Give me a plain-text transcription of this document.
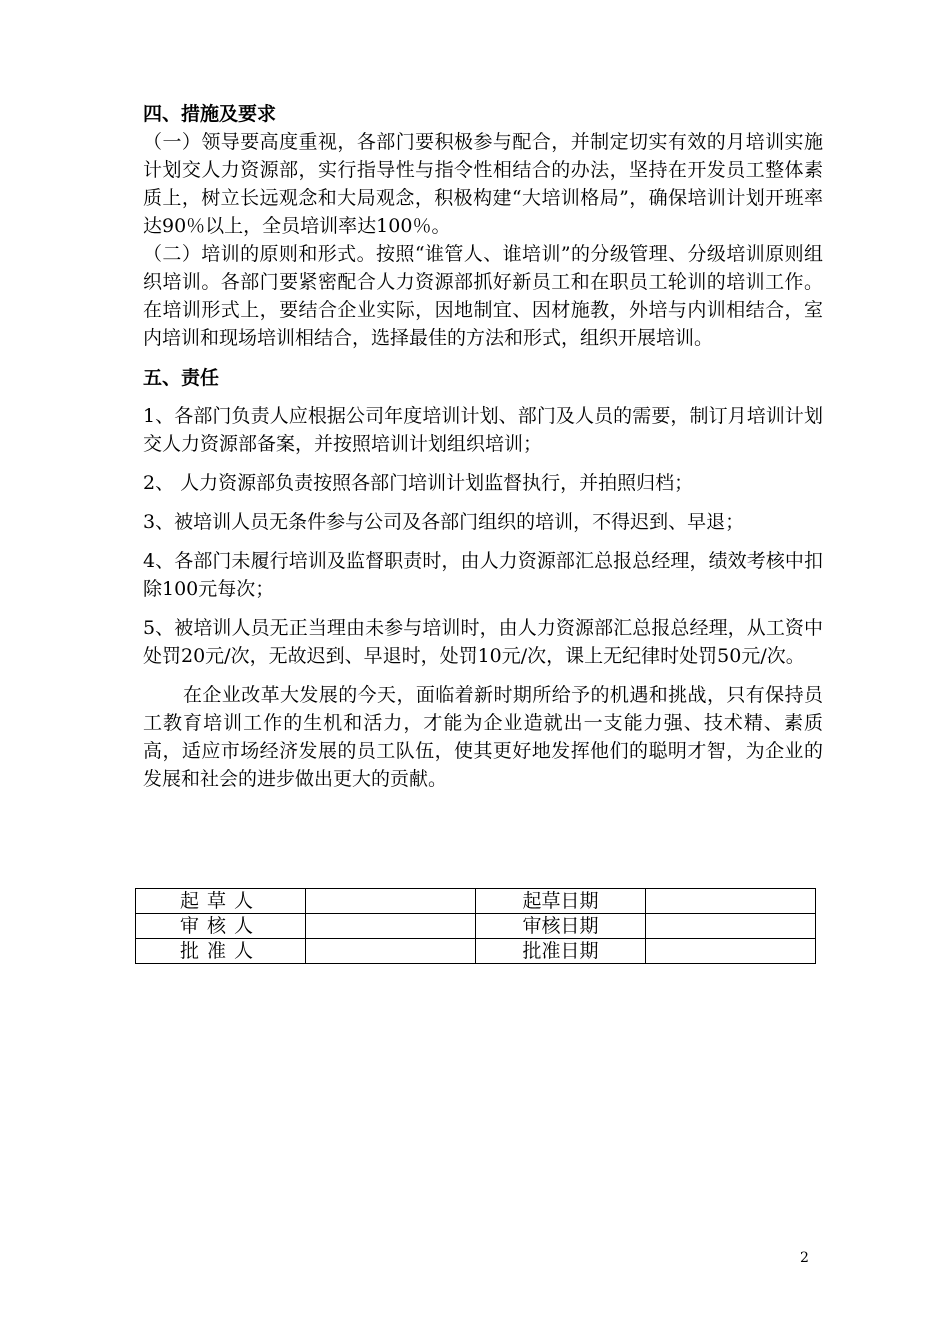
四、措施及要求

（一）领导要高度重视，各部门要积极参与配合，并制定切实有效的月培训实施计划交人力资源部，实行指导性与指令性相结合的办法，坚持在开发员工整体素质上，树立长远观念和大局观念，积极构建“大培训格局”，确保培训计划开班率达90％以上，全员培训率达100％。

（二）培训的原则和形式。按照“谁管人、谁培训”的分级管理、分级培训原则组织培训。各部门要紧密配合人力资源部抓好新员工和在职员工轮训的培训工作。在培训形式上，要结合企业实际，因地制宜、因材施教，外培与内训相结合，室内培训和现场培训相结合，选择最佳的方法和形式，组织开展培训。

五、责任

1、各部门负责人应根据公司年度培训计划、部门及人员的需要，制订月培训计划交人力资源部备案，并按照培训计划组织培训；

2、 人力资源部负责按照各部门培训计划监督执行，并拍照归档；

3、被培训人员无条件参与公司及各部门组织的培训，不得迟到、早退；

4、各部门未履行培训及监督职责时，由人力资源部汇总报总经理，绩效考核中扣除100元每次；

5、被培训人员无正当理由未参与培训时，由人力资源部汇总报总经理，从工资中处罚20元/次，无故迟到、早退时，处罚10元/次，课上无纪律时处罚50元/次。

在企业改革大发展的今天，面临着新时期所给予的机遇和挑战，只有保持员工教育培训工作的生机和活力，才能为企业造就出一支能力强、技术精、素质高，适应市场经济发展的员工队伍，使其更好地发挥他们的聪明才智，为企业的发展和社会的进步做出更大的贡献。

起草人		起草日期	
审核人		审核日期	
批准人		批准日期	
2
